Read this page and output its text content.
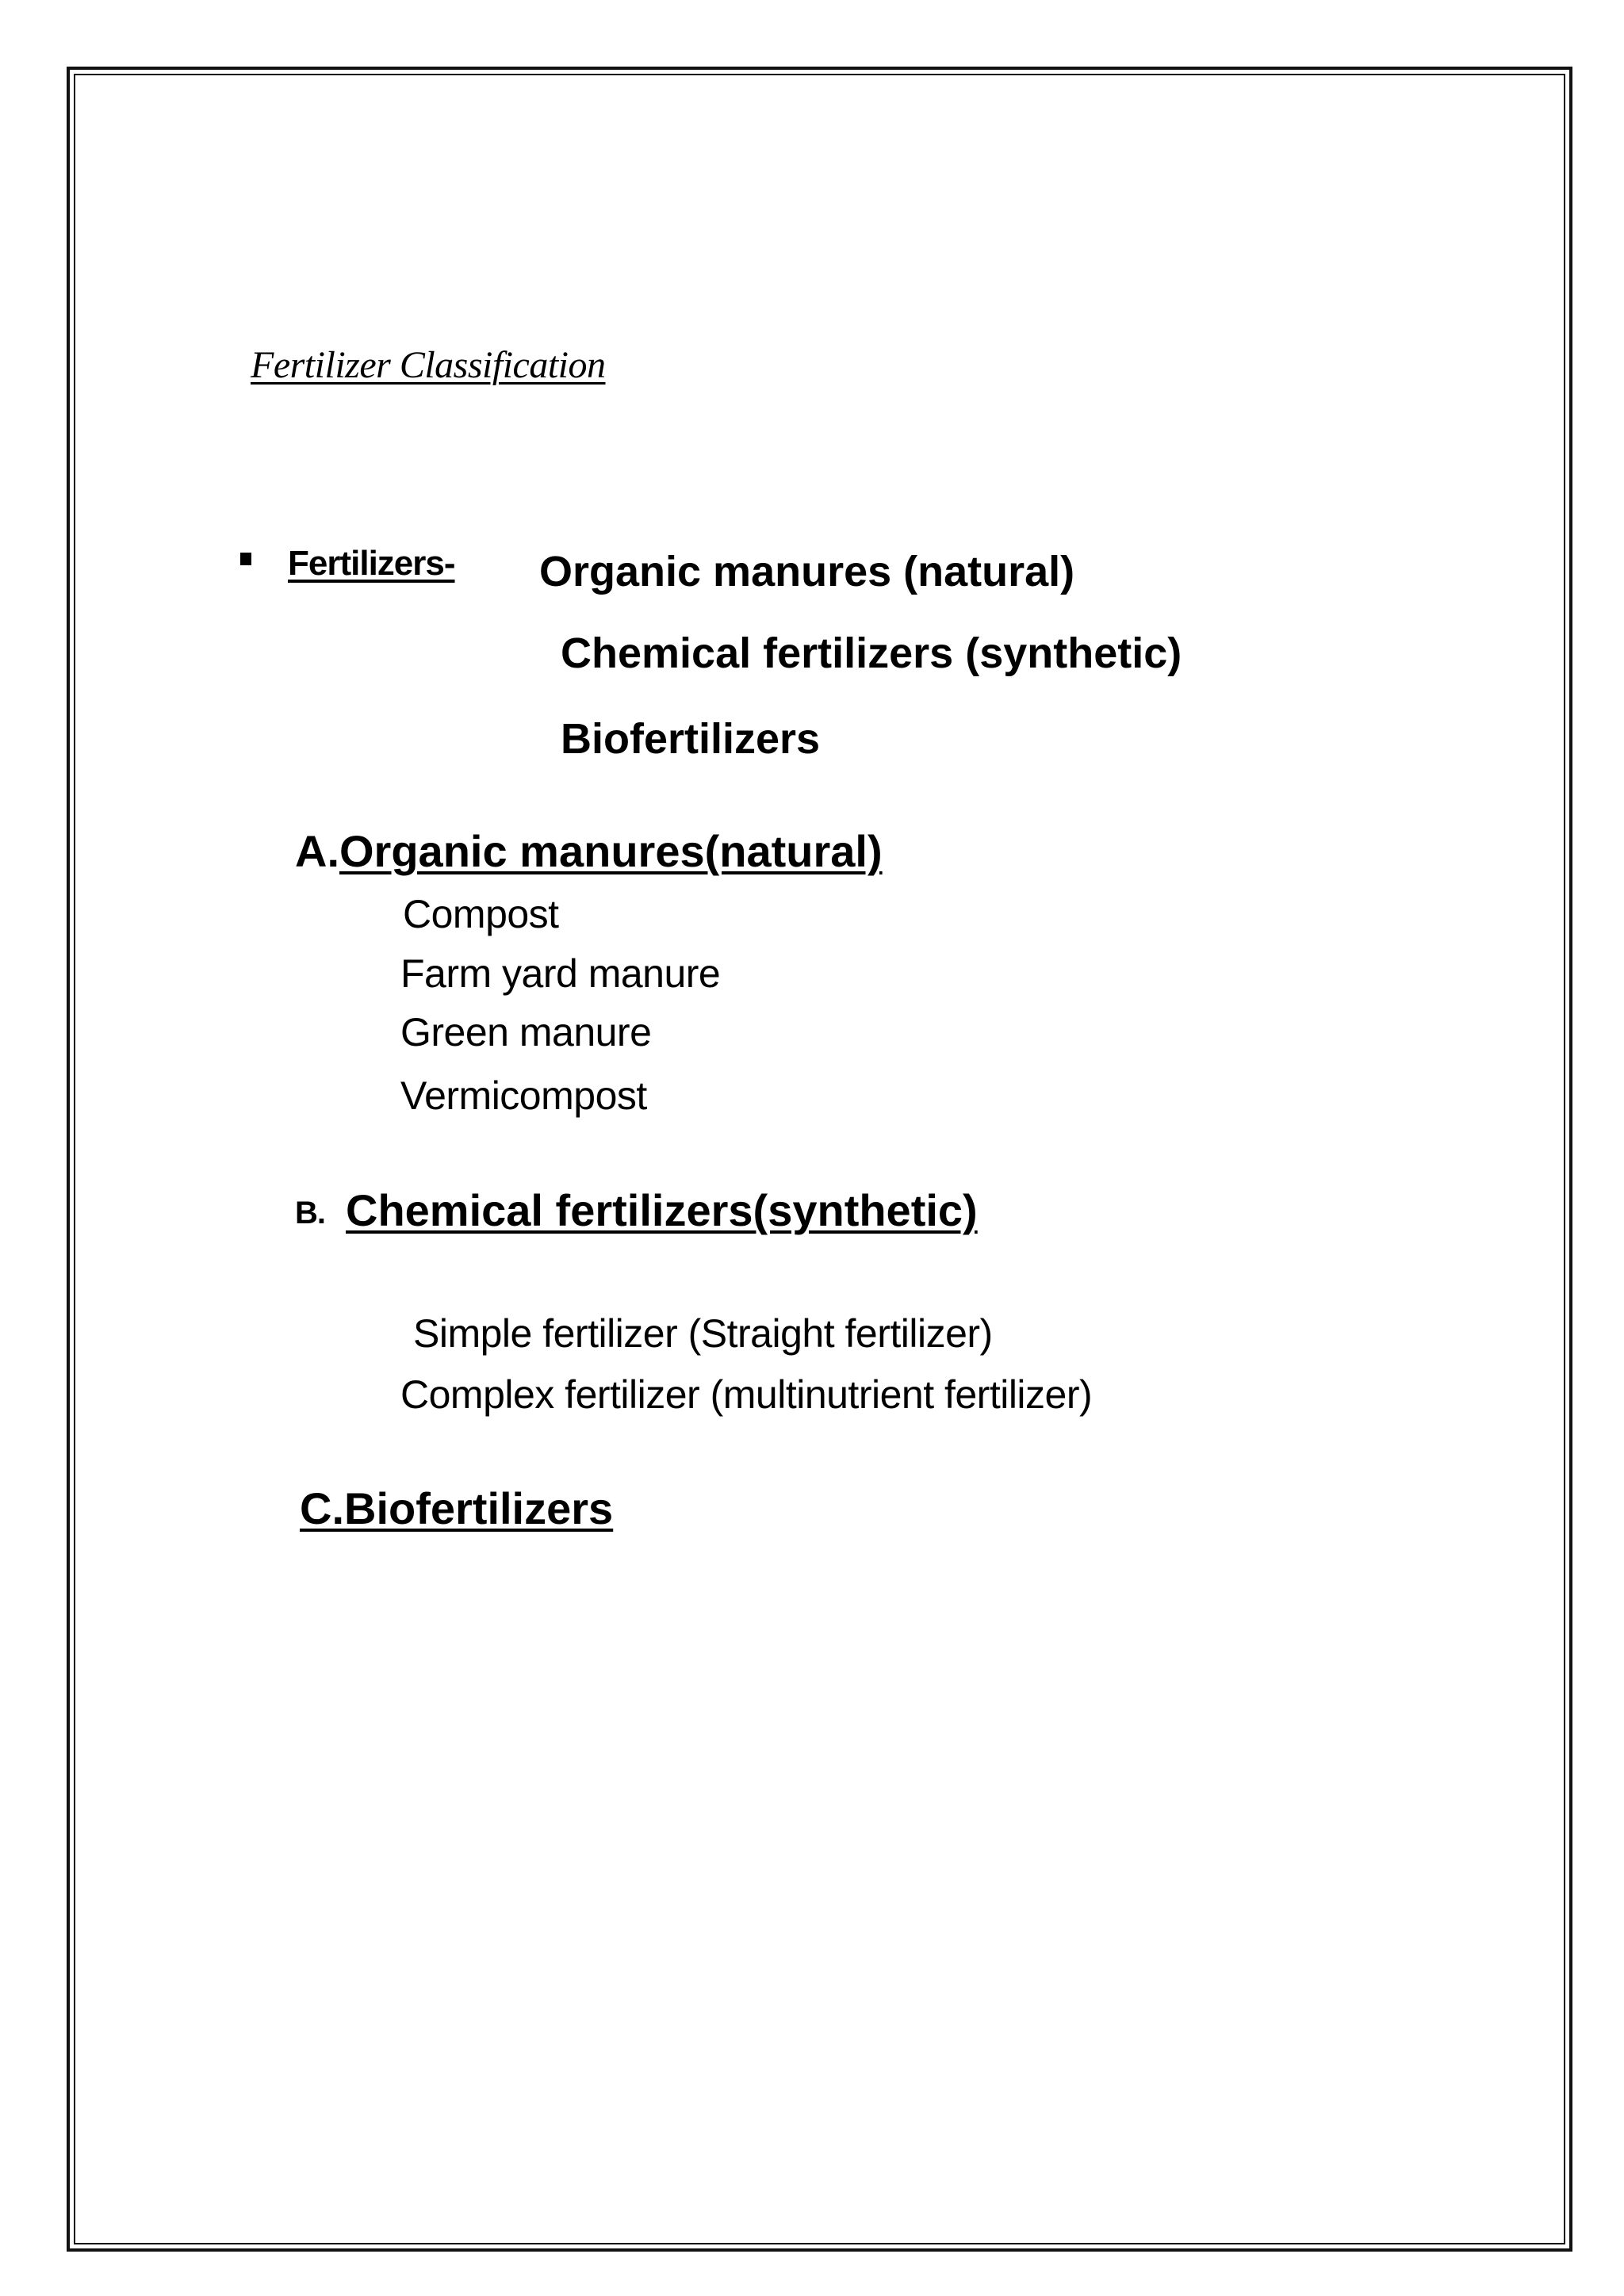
Fertilizer Classification
Fertilizers- Organic manures (natural)
Chemical fertilizers (synthetic)
Biofertilizers
A.Organic manures(natural)
Compost
Farm yard manure
Green manure
Vermicompost
B. Chemical fertilizers(synthetic)
Simple fertilizer (Straight fertilizer)
Complex fertilizer (multinutrient fertilizer)
C.Biofertilizers
